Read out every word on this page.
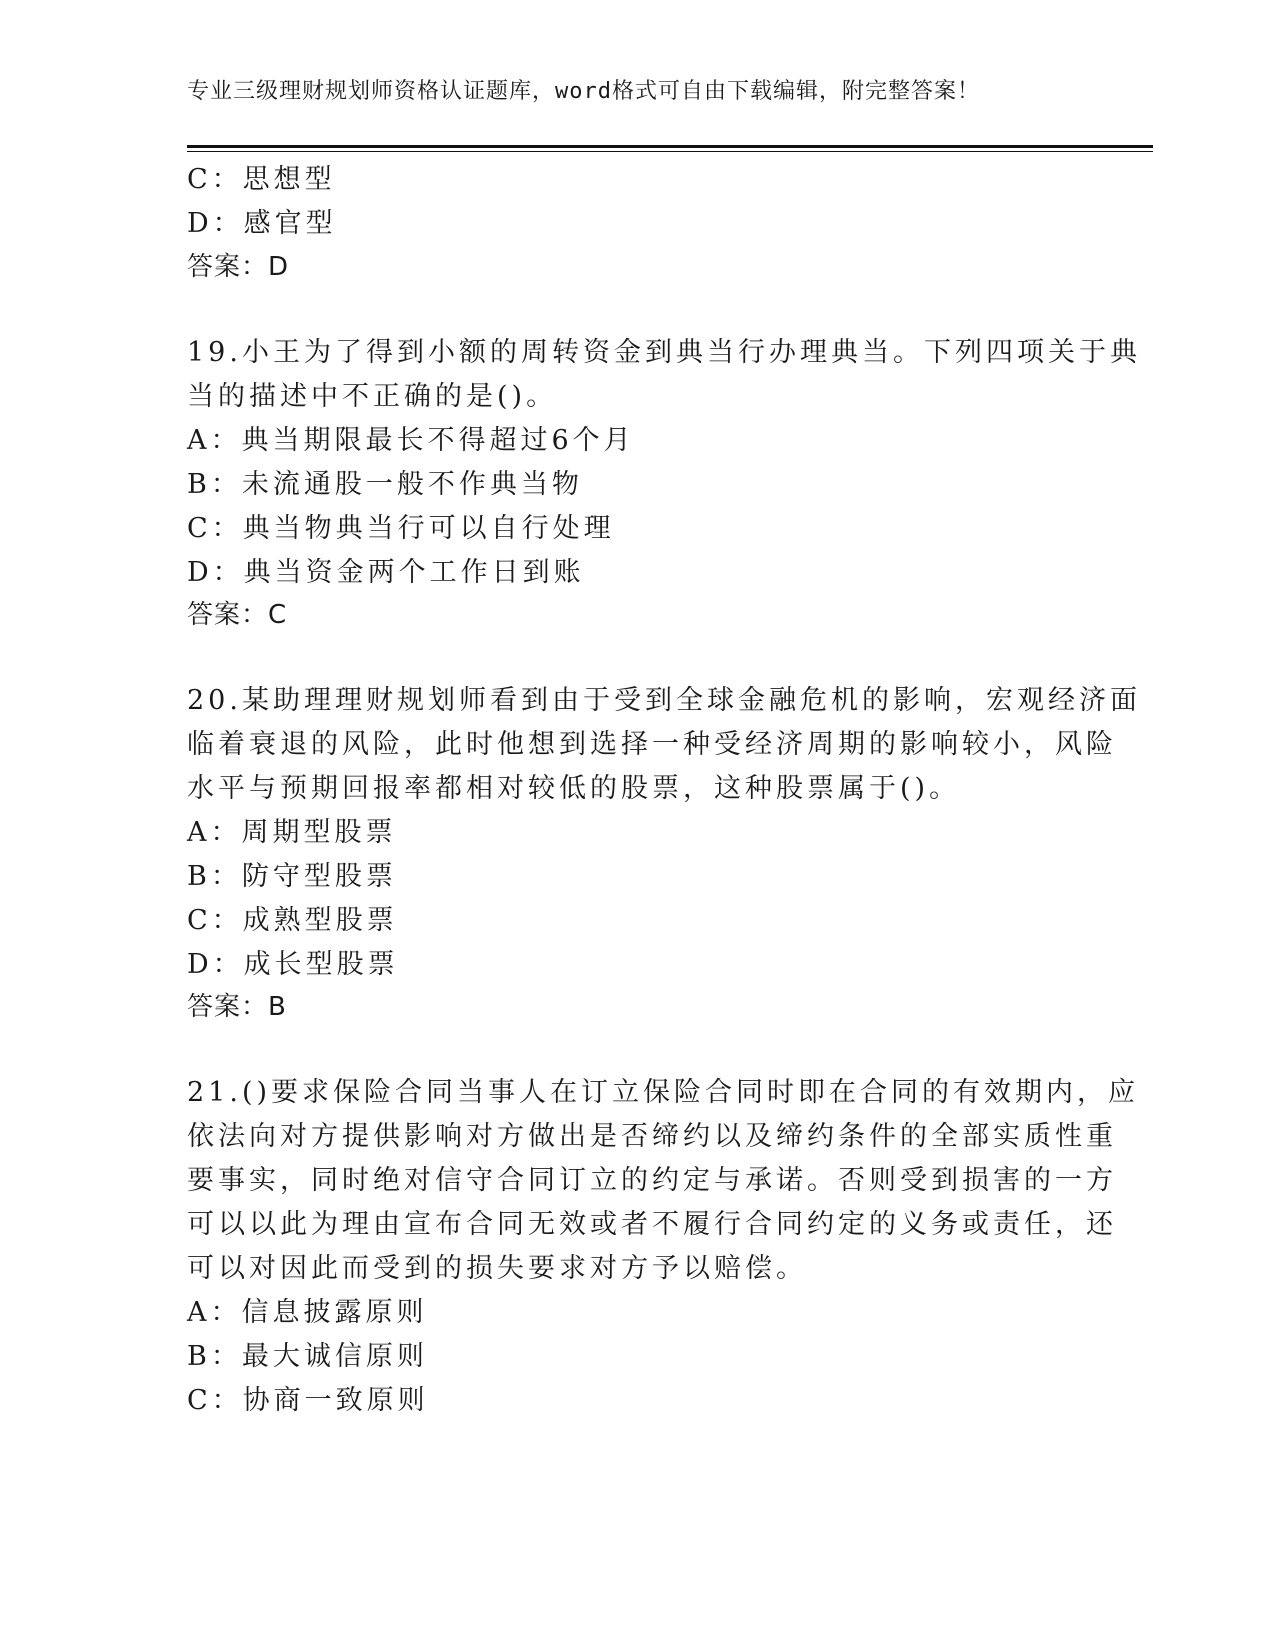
专业三级理财规划师资格认证题库，word格式可自由下载编辑，附完整答案！
C：思想型
D：感官型
答案：D
19.小王为了得到小额的周转资金到典当行办理典当。下列四项关于典
当的描述中不正确的是()。
A：典当期限最长不得超过6个月
B：未流通股一般不作典当物
C：典当物典当行可以自行处理
D：典当资金两个工作日到账
答案：C
20.某助理理财规划师看到由于受到全球金融危机的影响，宏观经济面
临着衰退的风险，此时他想到选择一种受经济周期的影响较小，风险
水平与预期回报率都相对较低的股票，这种股票属于()。
A：周期型股票
B：防守型股票
C：成熟型股票
D：成长型股票
答案：B
21.()要求保险合同当事人在订立保险合同时即在合同的有效期内，应
依法向对方提供影响对方做出是否缔约以及缔约条件的全部实质性重
要事实，同时绝对信守合同订立的约定与承诺。否则受到损害的一方
可以以此为理由宣布合同无效或者不履行合同约定的义务或责任，还
可以对因此而受到的损失要求对方予以赔偿。
A：信息披露原则
B：最大诚信原则
C：协商一致原则
